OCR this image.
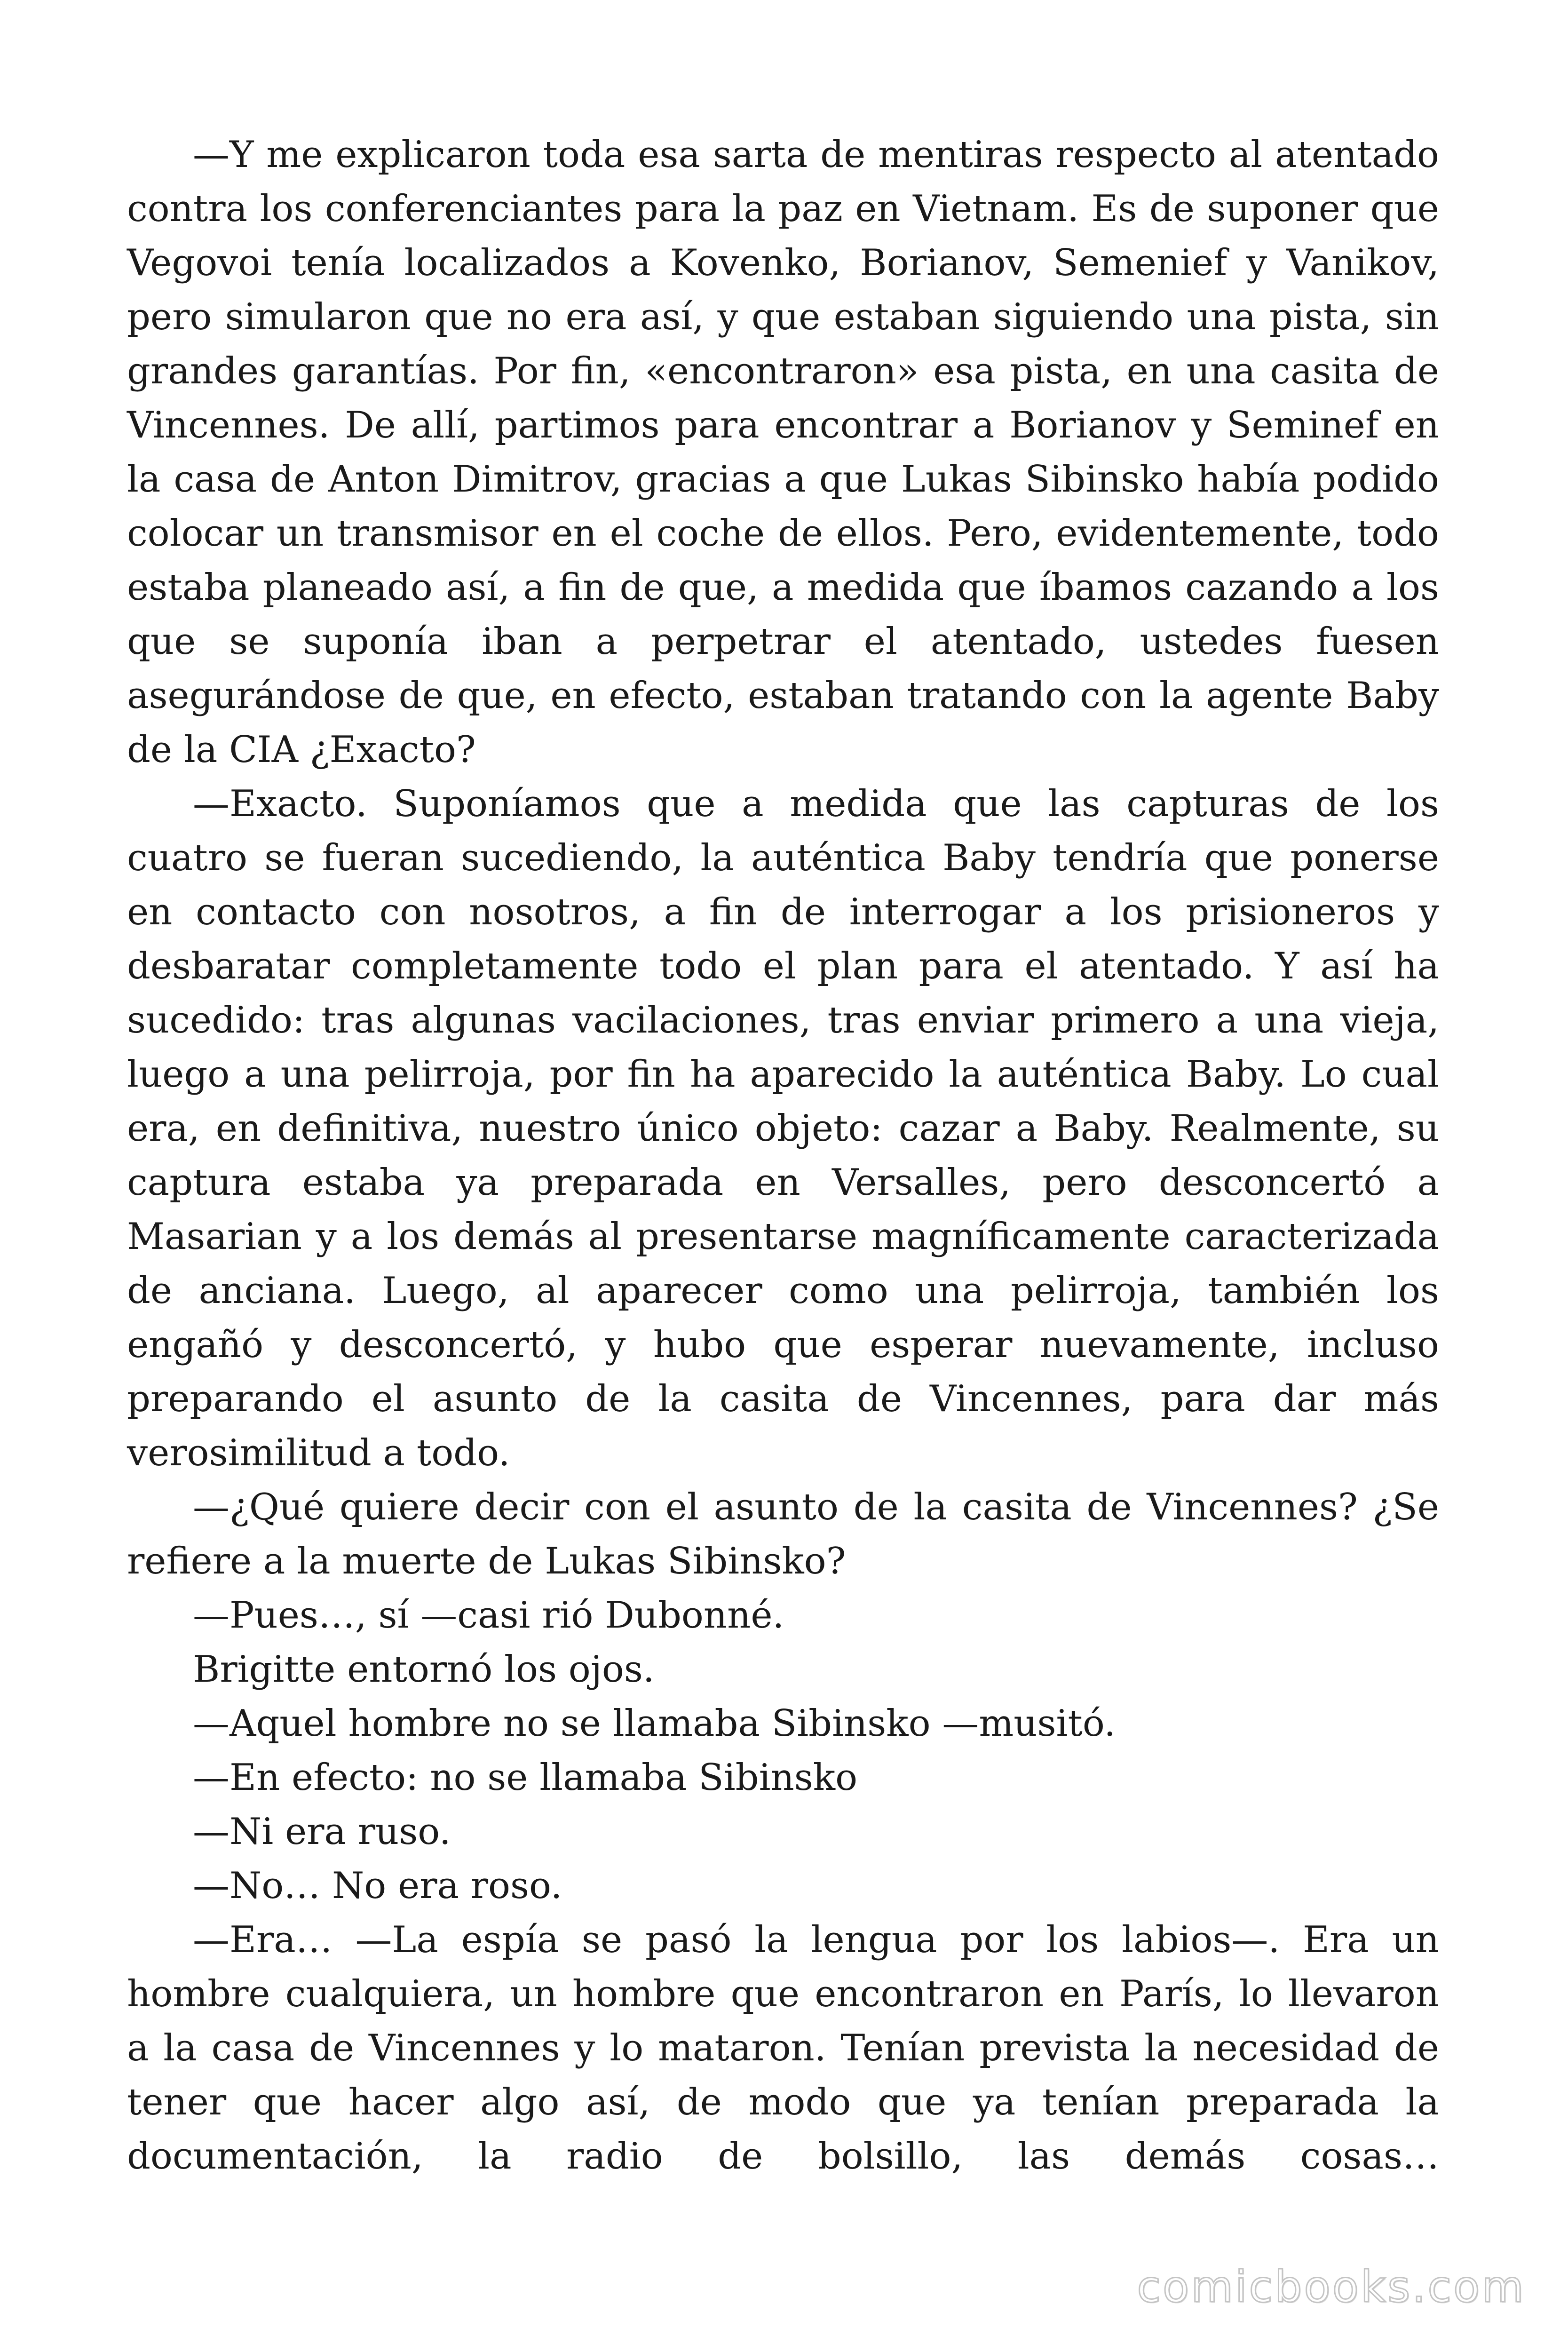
—Y me explicaron toda esa sarta de mentiras respecto al atentado contra los conferenciantes para la paz en Vietnam. Es de suponer que Vegovoi tenía localizados a Kovenko, Borianov, Semenief y Vanikov, pero simularon que no era así, y que estaban siguiendo una pista, sin grandes garantías. Por fin, «encontraron» esa pista, en una casita de Vincennes. De allí, partimos para encontrar a Borianov y Seminef en la casa de Anton Dimitrov, gracias a que Lukas Sibinsko había podido colocar un transmisor en el coche de ellos. Pero, evidentemente, todo estaba planeado así, a fin de que, a medida que íbamos cazando a los que se suponía iban a perpetrar el atentado, ustedes fuesen asegurándose de que, en efecto, estaban tratando con la agente Baby de la CIA ¿Exacto?

—Exacto. Suponíamos que a medida que las capturas de los cuatro se fueran sucediendo, la auténtica Baby tendría que ponerse en contacto con nosotros, a fin de interrogar a los prisioneros y desbaratar completamente todo el plan para el atentado. Y así ha sucedido: tras algunas vacilaciones, tras enviar primero a una vieja, luego a una pelirroja, por fin ha aparecido la auténtica Baby. Lo cual era, en definitiva, nuestro único objeto: cazar a Baby. Realmente, su captura estaba ya preparada en Versalles, pero desconcertó a Masarian y a los demás al presentarse magníficamente caracterizada de anciana. Luego, al aparecer como una pelirroja, también los engañó y desconcertó, y hubo que esperar nuevamente, incluso preparando el asunto de la casita de Vincennes, para dar más verosimilitud a todo.

—¿Qué quiere decir con el asunto de la casita de Vincennes? ¿Se refiere a la muerte de Lukas Sibinsko?

—Pues…, sí —casi rió Dubonné.

Brigitte entornó los ojos.

—Aquel hombre no se llamaba Sibinsko —musitó.

—En efecto: no se llamaba Sibinsko

—Ni era ruso.

—No… No era roso.

—Era… —La espía se pasó la lengua por los labios—. Era un hombre cualquiera, un hombre que encontraron en París, lo llevaron a la casa de Vincennes y lo mataron. Tenían prevista la necesidad de tener que hacer algo así, de modo que ya tenían preparada la documentación, la radio de bolsillo, las demás cosas…

comicbooks.com
